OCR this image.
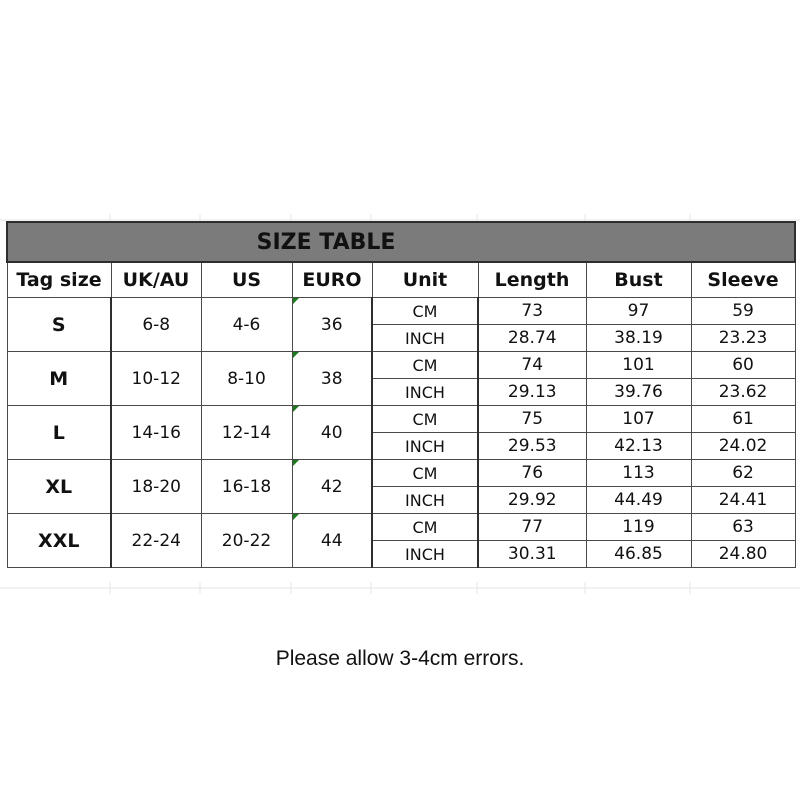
SIZE TABLE							
Tag size	UK/AU	US	EURO	Unit	Length	Bust	Sleeve
S	6-8	4-6	36	CM	73	97	59
				INCH	28.74	38.19	23.23
M	10-12	8-10	38	CM	74	101	60
				INCH	29.13	39.76	23.62
L	14-16	12-14	40	CM	75	107	61
				INCH	29.53	42.13	24.02
XL	18-20	16-18	42	CM	76	113	62
				INCH	29.92	44.49	24.41
XXL	22-24	20-22	44	CM	77	119	63
				INCH	30.31	46.85	24.80
Please allow 3-4cm errors.
